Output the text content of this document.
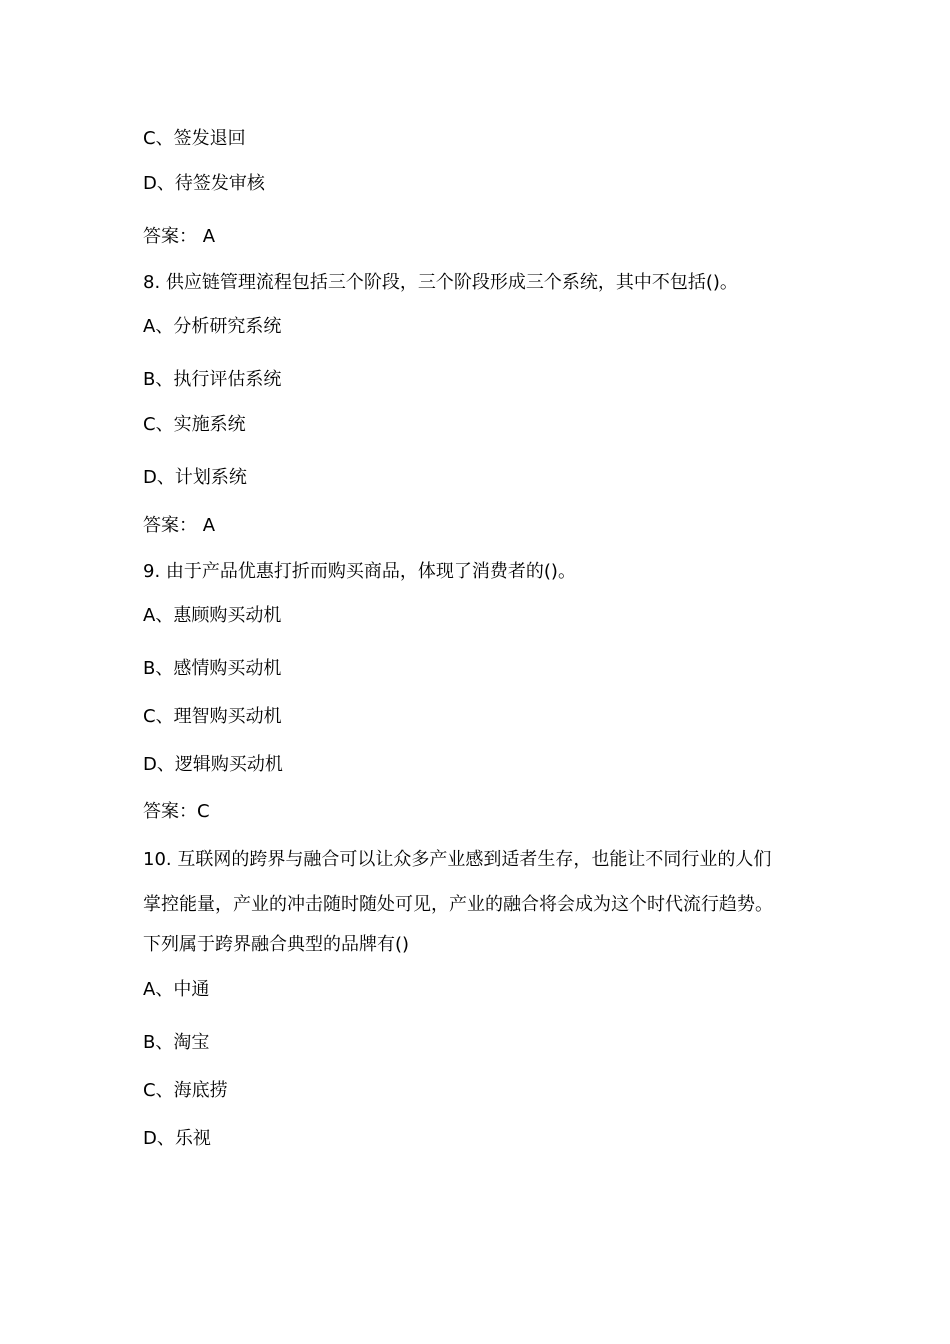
C、签发退回

D、待签发审核

答案： A

8. 供应链管理流程包括三个阶段，三个阶段形成三个系统，其中不包括()。

A、分析研究系统

B、执行评估系统

C、实施系统

D、计划系统

答案： A

9. 由于产品优惠打折而购买商品，体现了消费者的()。

A、惠顾购买动机

B、感情购买动机

C、理智购买动机

D、逻辑购买动机

答案：C

10. 互联网的跨界与融合可以让众多产业感到适者生存，也能让不同行业的人们

掌控能量，产业的冲击随时随处可见，产业的融合将会成为这个时代流行趋势。

下列属于跨界融合典型的品牌有()

A、中通

B、淘宝

C、海底捞

D、乐视
